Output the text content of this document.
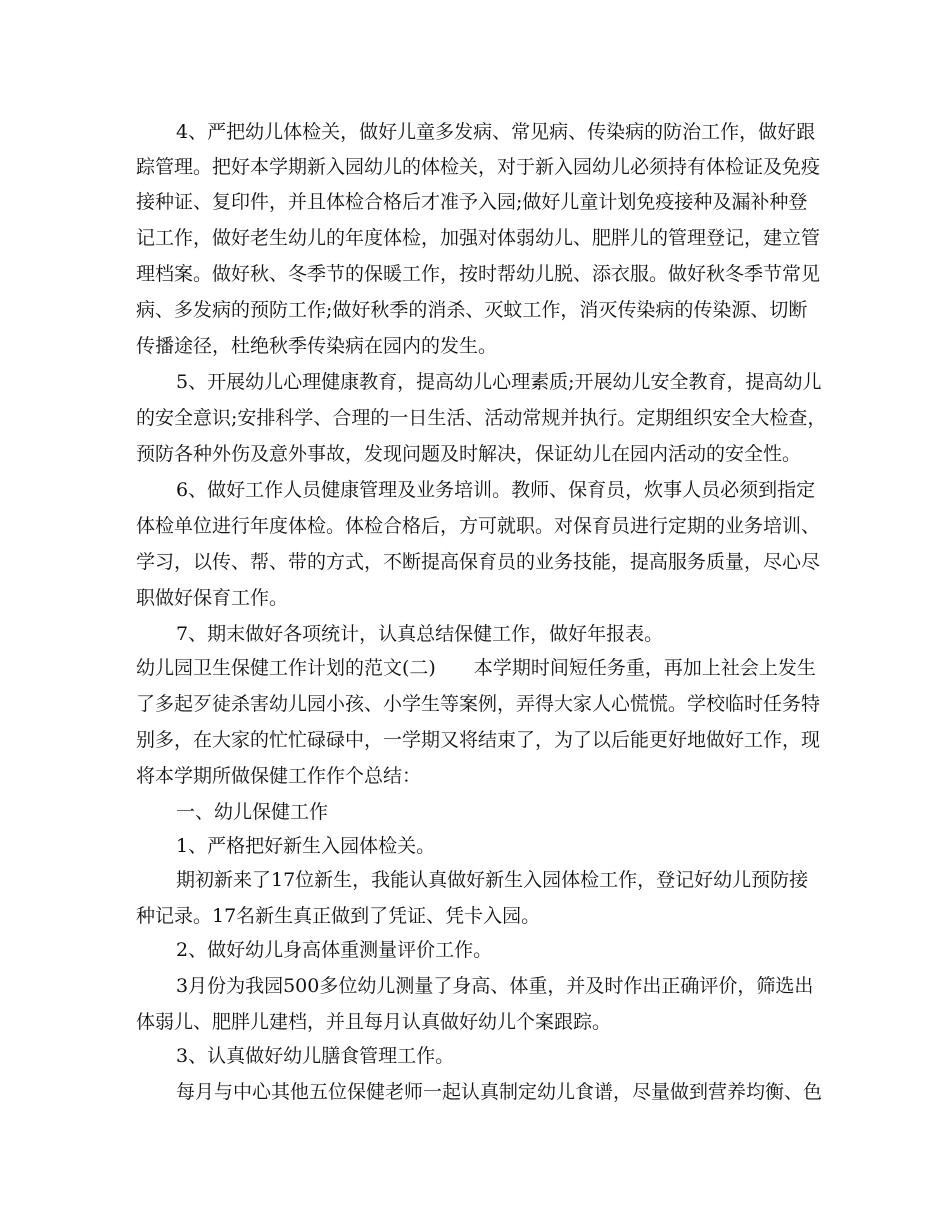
4、严把幼儿体检关，做好儿童多发病、常见病、传染病的防治工作，做好跟
踪管理。把好本学期新入园幼儿的体检关，对于新入园幼儿必须持有体检证及免疫
接种证、复印件，并且体检合格后才准予入园;做好儿童计划免疫接种及漏补种登
记工作，做好老生幼儿的年度体检，加强对体弱幼儿、肥胖儿的管理登记，建立管
理档案。做好秋、冬季节的保暖工作，按时帮幼儿脱、添衣服。做好秋冬季节常见
病、多发病的预防工作;做好秋季的消杀、灭蚊工作，消灭传染病的传染源、切断
传播途径，杜绝秋季传染病在园内的发生。
5、开展幼儿心理健康教育，提高幼儿心理素质;开展幼儿安全教育，提高幼儿
的安全意识;安排科学、合理的一日生活、活动常规并执行。定期组织安全大检查，
预防各种外伤及意外事故，发现问题及时解决，保证幼儿在园内活动的安全性。
6、做好工作人员健康管理及业务培训。教师、保育员，炊事人员必须到指定
体检单位进行年度体检。体检合格后，方可就职。对保育员进行定期的业务培训、
学习，以传、帮、带的方式，不断提高保育员的业务技能，提高服务质量，尽心尽
职做好保育工作。
7、期末做好各项统计，认真总结保健工作，做好年报表。
幼儿园卫生保健工作计划的范文(二)　　本学期时间短任务重，再加上社会上发生
了多起歹徒杀害幼儿园小孩、小学生等案例，弄得大家人心慌慌。学校临时任务特
别多，在大家的忙忙碌碌中，一学期又将结束了，为了以后能更好地做好工作，现
将本学期所做保健工作作个总结：
一、幼儿保健工作
1、严格把好新生入园体检关。
期初新来了17位新生，我能认真做好新生入园体检工作，登记好幼儿预防接
种记录。17名新生真正做到了凭证、凭卡入园。
2、做好幼儿身高体重测量评价工作。
3月份为我园500多位幼儿测量了身高、体重，并及时作出正确评价，筛选出
体弱儿、肥胖儿建档，并且每月认真做好幼儿个案跟踪。
3、认真做好幼儿膳食管理工作。
每月与中心其他五位保健老师一起认真制定幼儿食谱，尽量做到营养均衡、色
